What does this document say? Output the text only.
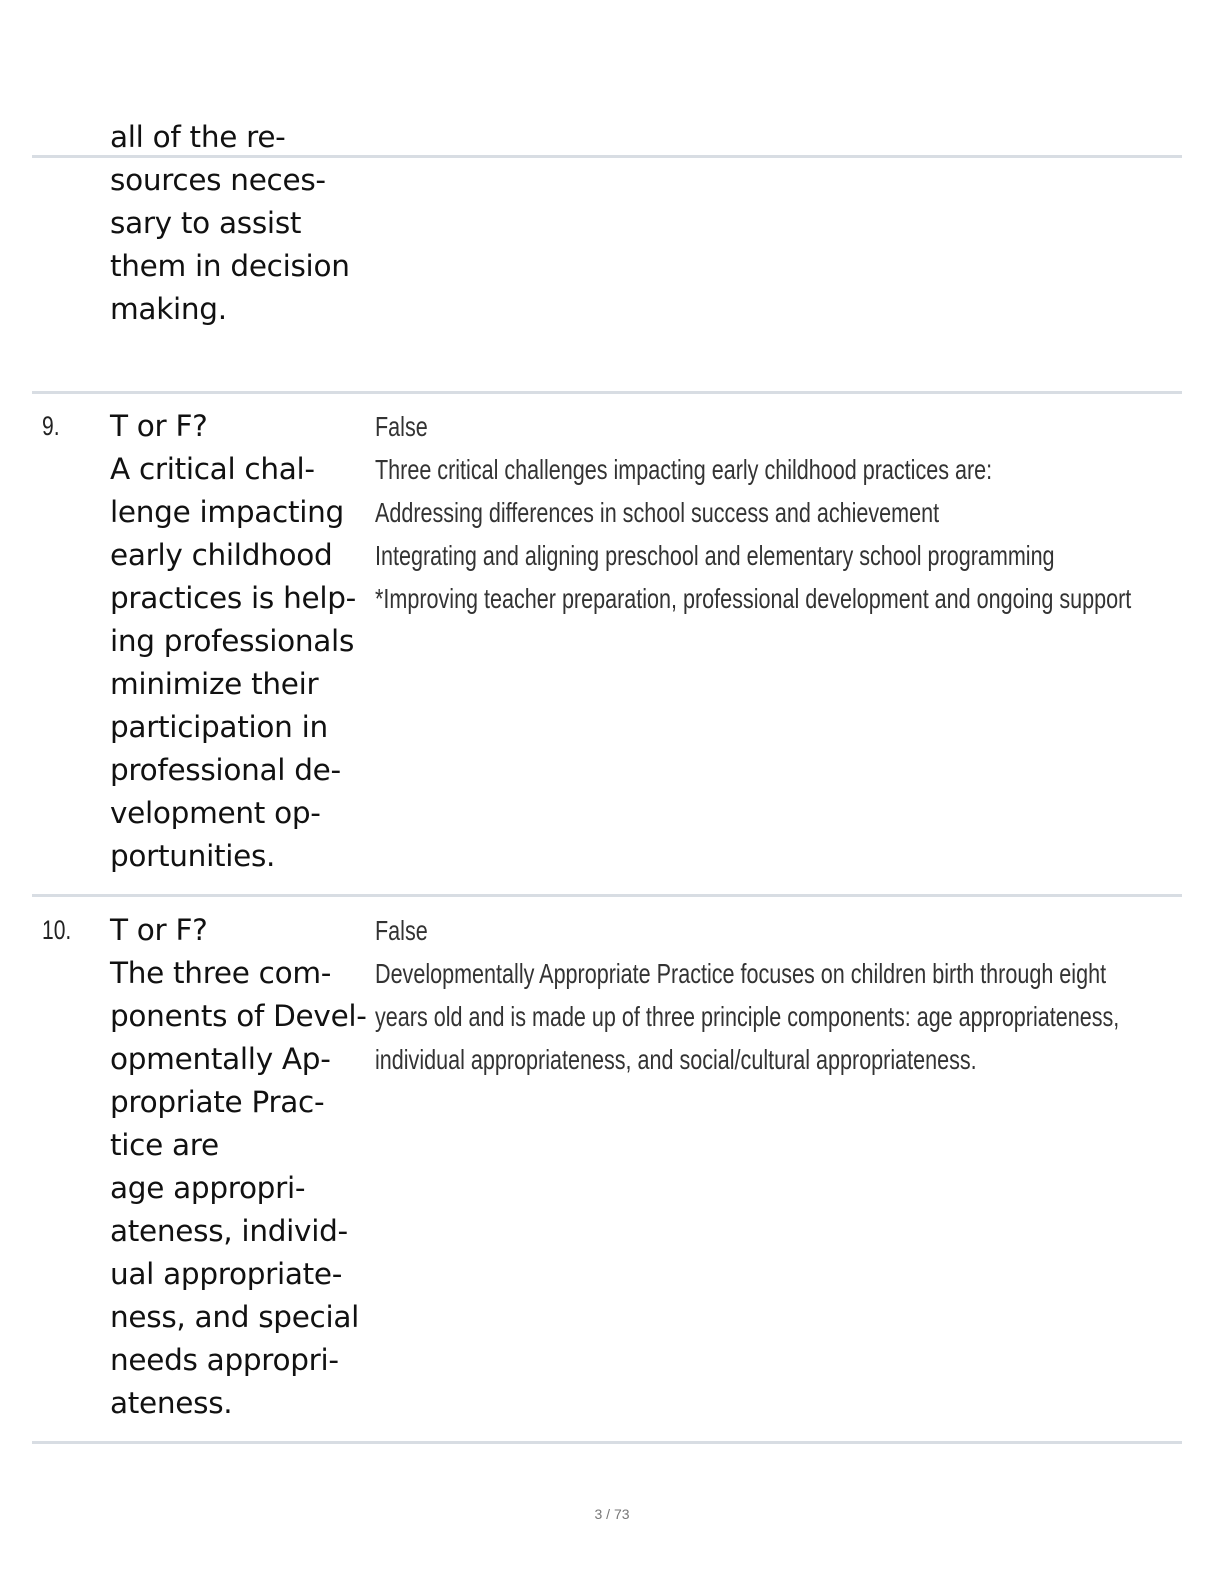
all of the re-
sources neces-
sary to assist
them in decision
making.
9. T or F?
A critical chal-
lenge impacting
early childhood
practices is help-
ing professionals
minimize their
participation in
professional de-
velopment op-
portunities.
False
Three critical challenges impacting early childhood practices are:
Addressing differences in school success and achievement
Integrating and aligning preschool and elementary school programming
*Improving teacher preparation, professional development and ongoing support
10. T or F?
The three com-
ponents of Devel-
opmentally Ap-
propriate Prac-
tice are
age appropri-
ateness, individ-
ual appropriate-
ness, and special
needs appropri-
ateness.
False
Developmentally Appropriate Practice focuses on children birth through eight
years old and is made up of three principle components: age appropriateness,
individual appropriateness, and social/cultural appropriateness.
3 / 73
